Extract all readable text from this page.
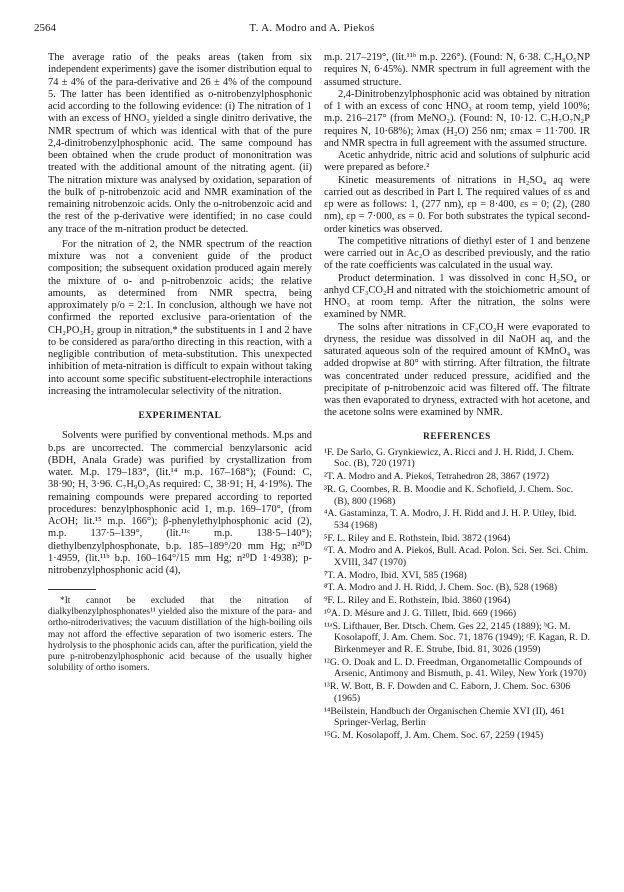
2564	T. A. Modro and A. Piekoś

The average ratio of the peaks areas (taken from six independent experiments) gave the isomer distribution equal to 74 ± 4% of the para-derivative and 26 ± 4% of the compound 5. The latter has been identified as o-nitrobenzylphosphonic acid according to the following evidence: (i) The nitration of 1 with an excess of HNO₃ yielded a single dinitro derivative, the NMR spectrum of which was identical with that of the pure 2,4-dinitrobenzylphosphonic acid. The same compound has been obtained when the crude product of mononitration was treated with the additional amount of the nitrating agent. (ii) The nitration mixture was analysed by oxidation, separation of the bulk of p-nitrobenzoic acid and NMR examination of the remaining nitrobenzoic acids. Only the o-nitrobenzoic acid and the rest of the p-derivative were identified; in no case could any trace of the m-nitration product be detected.

For the nitration of 2, the NMR spectrum of the reaction mixture was not a convenient guide of the product composition; the subsequent oxidation produced again merely the mixture of o- and p-nitrobenzoic acids; the relative amounts, as determined from NMR spectra, being approximately p/o = 2:1. In conclusion, although we have not confirmed the reported exclusive para-orientation of the CH₂PO₃H₂ group in nitration,* the substituents in 1 and 2 have to be considered as para/ortho directing in this reaction, with a negligible contribution of meta-substitution. This unexpected inhibition of meta-nitration is difficult to expain without taking into account some specific substituent-electrophile interactions increasing the intramolecular selectivity of the nitration.

EXPERIMENTAL

Solvents were purified by conventional methods. M.ps and b.ps are uncorrected. The commercial benzylarsonic acid (BDH, Anala Grade) was purified by crystallization from water. M.p. 179–183°, (lit.¹⁴ m.p. 167–168°); (Found: C, 38·90; H, 3·96. C₇H₉O₃As required: C, 38·91; H, 4·19%). The remaining compounds were prepared according to reported procedures: benzylphosphonic acid 1, m.p. 169–170°, (from AcOH; lit.¹⁵ m.p. 166°); β-phenylethylphosphonic acid (2), m.p. 137·5–139°, (lit.¹¹ᶜ m.p. 138·5–140°); diethylbenzylphosphonate, b.p. 185–189°/20 mm Hg; n²⁰D 1·4959, (lit.¹¹ᵇ b.p. 160–164°/15 mm Hg; n²⁰D 1·4938); p-nitrobenzylphosphonic acid (4),

*It cannot be excluded that the nitration of dialkylbenzylphosphonates¹¹ yielded also the mixture of the para- and ortho-nitroderivatives; the vacuum distillation of the high-boiling oils may not afford the effective separation of two isomeric esters. The hydrolysis to the phosphonic acids can, after the purification, yield the pure p-nitrobenzylphosphonic acid because of the usually higher solubility of ortho isomers.

m.p. 217–219°, (lit.¹¹ᵇ m.p. 226°). (Found: N, 6·38. C₇H₈O₅NP requires N, 6·45%). NMR spectrum in full agreement with the assumed structure.

2,4-Dinitrobenzylphosphonic acid was obtained by nitration of 1 with an excess of conc HNO₃ at room temp, yield 100%; m.p. 216–217° (from MeNO₂). (Found: N, 10·12. C₇H₇O₇N₂P requires N, 10·68%); λmax (H₂O) 256 nm; εmax = 11·700. IR and NMR spectra in full agreement with the assumed structure.

Acetic anhydride, nitric acid and solutions of sulphuric acid were prepared as before.²

Kinetic measurements of nitrations in H₂SO₄ aq were carried out as described in Part I. The required values of εs and εp were as follows: 1, (277 nm), εp = 8·400, εs = 0; (2), (280 nm), εp = 7·000, εs = 0. For both substrates the typical second-order kinetics was observed.

The competitive nitrations of diethyl ester of 1 and benzene were carried out in Ac₂O as described previously, and the ratio of the rate coefficients was calculated in the usual way.

Product determination. 1 was dissolved in conc H₂SO₄ or anhyd CF₃CO₂H and nitrated with the stoichiometric amount of HNO₃ at room temp. After the nitration, the solns were examined by NMR.

The solns after nitrations in CF₃CO₂H were evaporated to dryness, the residue was dissolved in dil NaOH aq, and the saturated aqueous soln of the required amount of KMnO₄ was added dropwise at 80° with stirring. After filtration, the filtrate was concentrated under reduced pressure, acidified and the precipitate of p-nitrobenzoic acid was filtered off. The filtrate was then evaporated to dryness, extracted with hot acetone, and the acetone solns were examined by NMR.

REFERENCES
¹F. De Sarlo, G. Grynkiewicz, A. Ricci and J. H. Ridd, J. Chem. Soc. (B), 720 (1971)
²T. A. Modro and A. Piekoś, Tetrahedron 28, 3867 (1972)
³R. G. Coombes, R. B. Moodie and K. Schofield, J. Chem. Soc. (B), 800 (1968)
⁴A. Gastaminza, T. A. Modro, J. H. Ridd and J. H. P. Utley, Ibid. 534 (1968)
⁵F. L. Riley and E. Rothstein, Ibid. 3872 (1964)
⁶T. A. Modro and A. Piekoś, Bull. Acad. Polon. Sci. Ser. Sci. Chim. XVIII, 347 (1970)
⁷T. A. Modro, Ibid. XVI, 585 (1968)
⁸T. A. Modro and J. H. Ridd, J. Chem. Soc. (B), 528 (1968)
⁹F. L. Riley and E. Rothstein, Ibid. 3860 (1964)
¹⁰A. D. Mésure and J. G. Tillett, Ibid. 669 (1966)
¹¹ᵃS. Lifthauer, Ber. Dtsch. Chem. Ges 22, 2145 (1889); ᵇG. M. Kosolapoff, J. Am. Chem. Soc. 71, 1876 (1949); ᶜF. Kagan, R. D. Birkenmeyer and R. E. Strube, Ibid. 81, 3026 (1959)
¹²G. O. Doak and L. D. Freedman, Organometallic Compounds of Arsenic, Antimony and Bismuth, p. 41. Wiley, New York (1970)
¹³R. W. Bott, B. F. Dowden and C. Eaborn, J. Chem. Soc. 6306 (1965)
¹⁴Beilstein, Handbuch der Organischen Chemie XVI (II), 461 Springer-Verlag, Berlin
¹⁵G. M. Kosolapoff, J. Am. Chem. Soc. 67, 2259 (1945)
